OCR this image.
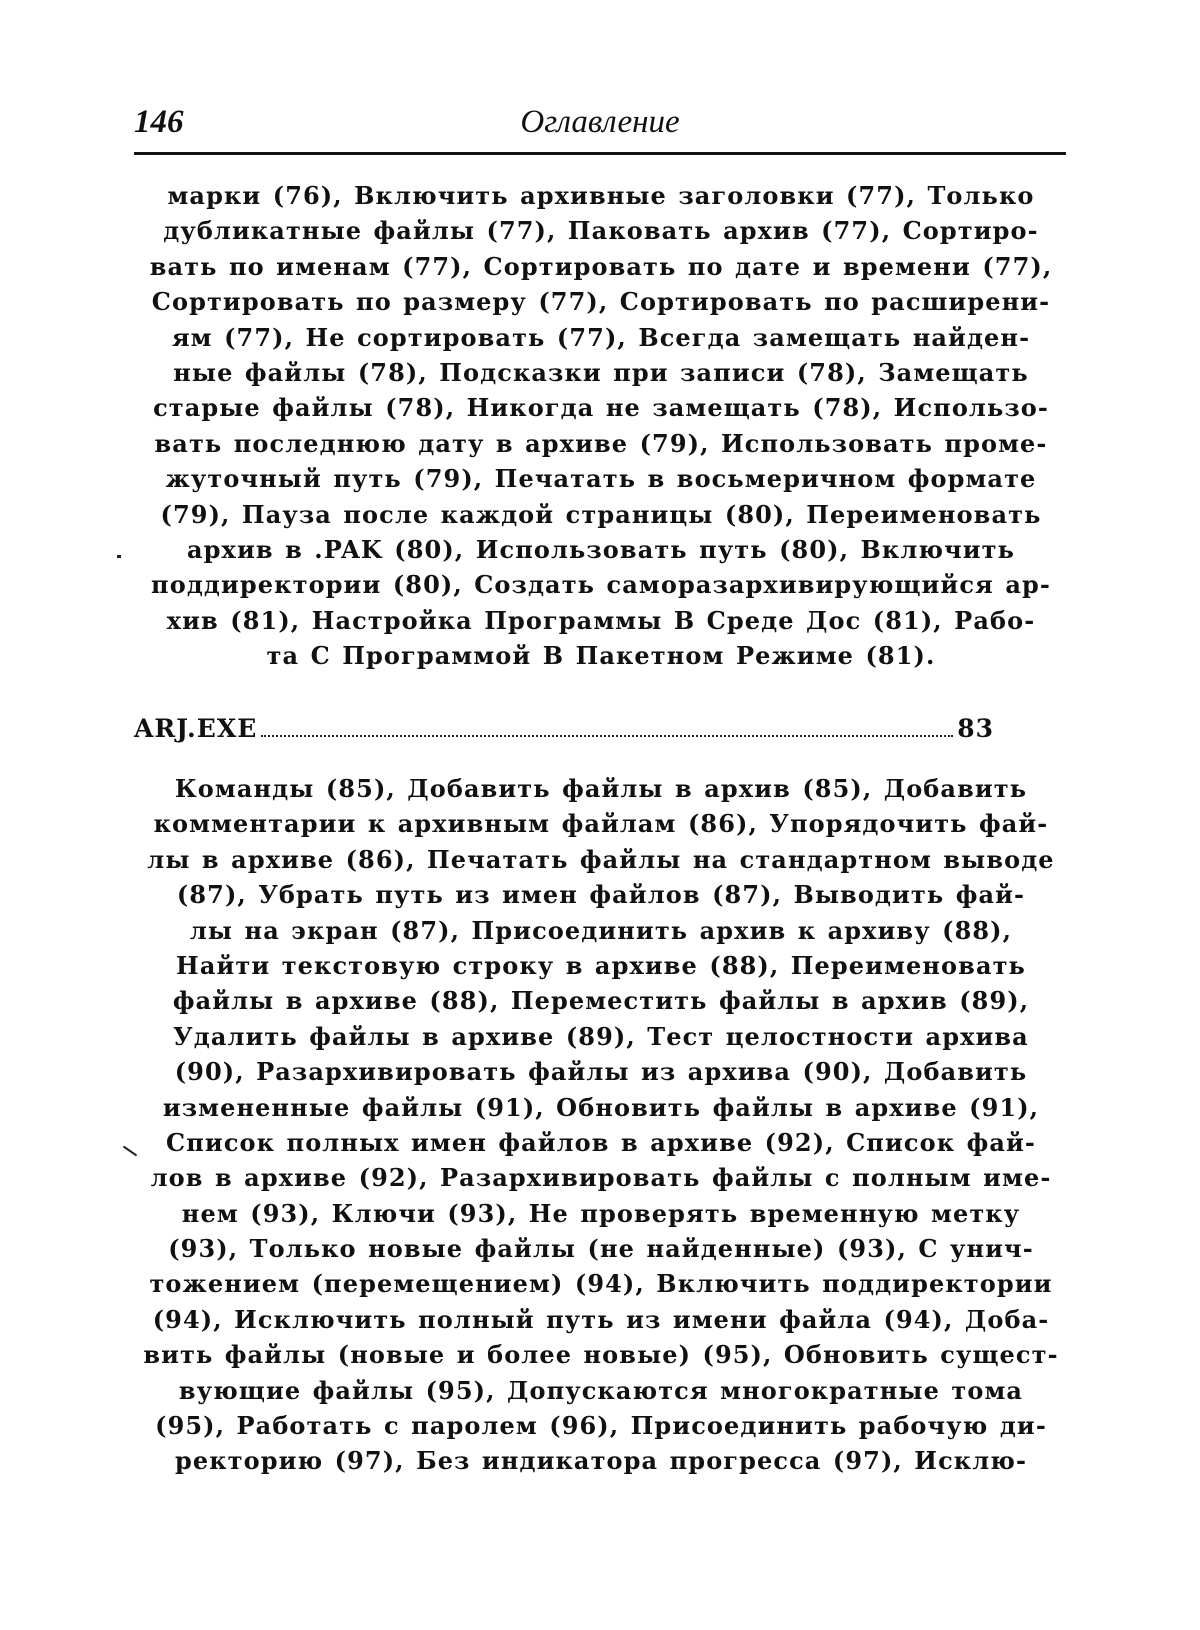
146	Оглавление
марки (76), Включить архивные заголовки (77), Только
дубликатные файлы (77), Паковать архив (77), Сортиро-
вать по именам (77), Сортировать по дате и времени (77),
Сортировать по размеру (77), Сортировать по расширени-
ям (77), Не сортировать (77), Всегда замещать найден-
ные файлы (78), Подсказки при записи (78), Замещать
старые файлы (78), Никогда не замещать (78), Использо-
вать последнюю дату в архиве (79), Использовать проме-
жуточный путь (79), Печатать в восьмеричном формате
(79), Пауза после каждой страницы (80), Переименовать
архив в .PAK (80), Использовать путь (80), Включить
поддиректории (80), Создать саморазархивирующийся ар-
хив (81), Настройка Программы В Среде Дос (81), Рабо-
та С Программой В Пакетном Режиме (81).
ARJ.EXE	83
Команды (85), Добавить файлы в архив (85), Добавить
комментарии к архивным файлам (86), Упорядочить фай-
лы в архиве (86), Печатать файлы на стандартном выводе
(87), Убрать путь из имен файлов (87), Выводить фай-
лы на экран (87), Присоединить архив к архиву (88),
Найти текстовую строку в архиве (88), Переименовать
файлы в архиве (88), Переместить файлы в архив (89),
Удалить файлы в архиве (89), Тест целостности архива
(90), Разархивировать файлы из архива (90), Добавить
измененные файлы (91), Обновить файлы в архиве (91),
Список полных имен файлов в архиве (92), Список фай-
лов в архиве (92), Разархивировать файлы с полным име-
нем (93), Ключи (93), Не проверять временную метку
(93), Только новые файлы (не найденные) (93), С унич-
тожением (перемещением) (94), Включить поддиректории
(94), Исключить полный путь из имени файла (94), Доба-
вить файлы (новые и более новые) (95), Обновить сущест-
вующие файлы (95), Допускаются многократные тома
(95), Работать с паролем (96), Присоединить рабочую ди-
ректорию (97), Без индикатора прогресса (97), Исклю-
